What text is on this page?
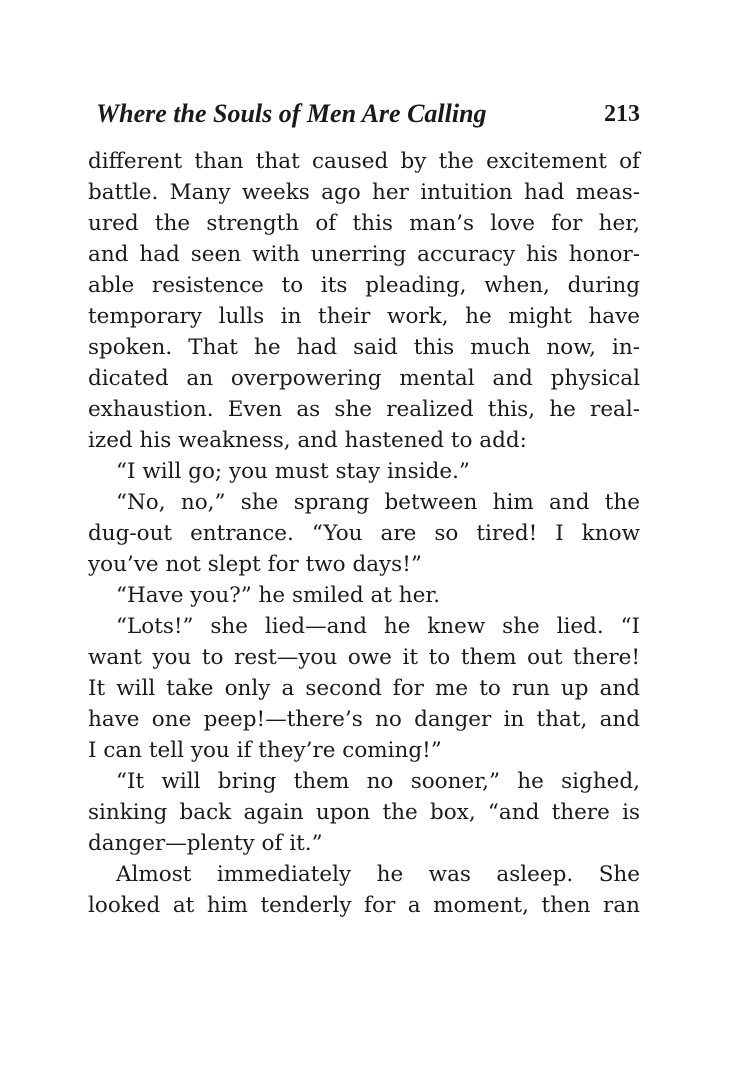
Where the Souls of Men Are Calling	213
different than that caused by the excitement of
battle. Many weeks ago her intuition had meas-
ured the strength of this man’s love for her,
and had seen with unerring accuracy his honor-
able resistence to its pleading, when, during
temporary lulls in their work, he might have
spoken. That he had said this much now, in-
dicated an overpowering mental and physical
exhaustion. Even as she realized this, he real-
ized his weakness, and hastened to add:
“I will go; you must stay inside.”
“No, no,” she sprang between him and the
dug-out entrance. “You are so tired! I know
you’ve not slept for two days!”
“Have you?” he smiled at her.
“Lots!” she lied—and he knew she lied. “I
want you to rest—you owe it to them out there!
It will take only a second for me to run up and
have one peep!—there’s no danger in that, and
I can tell you if they’re coming!”
“It will bring them no sooner,” he sighed,
sinking back again upon the box, “and there is
danger—plenty of it.”
Almost immediately he was asleep. She
looked at him tenderly for a moment, then ran
